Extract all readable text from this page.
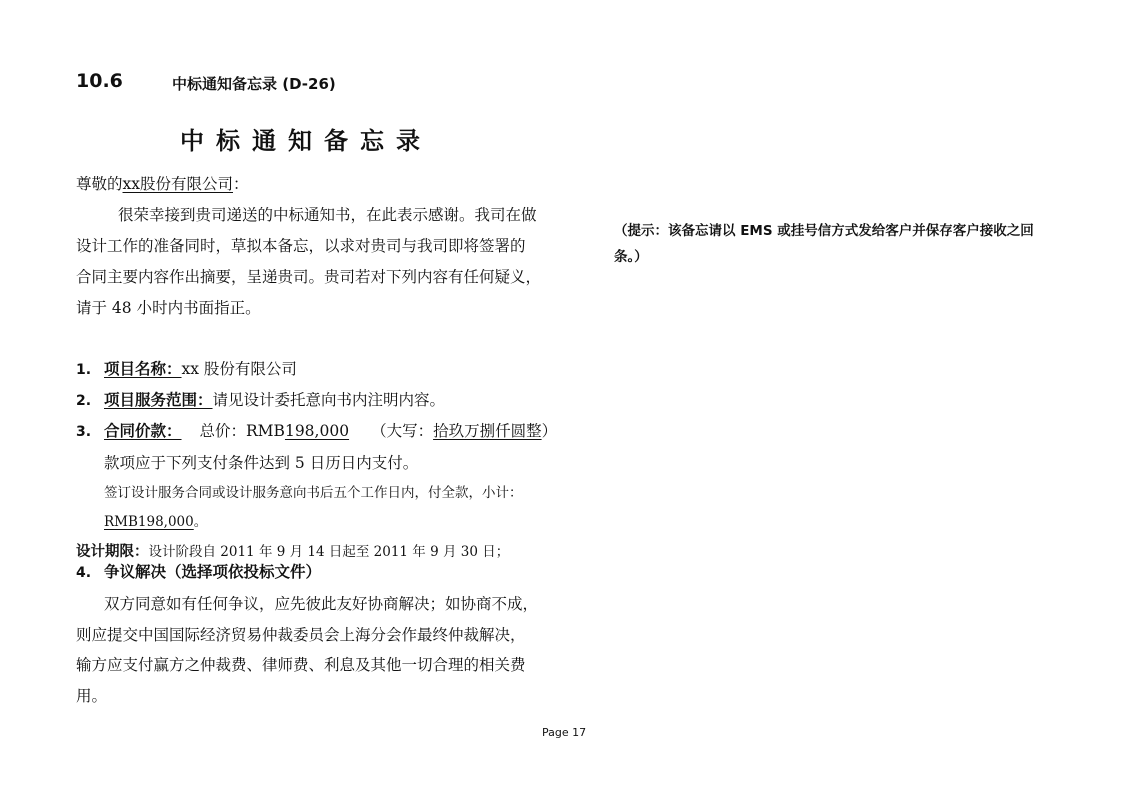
10.6	中标通知备忘录 (D-26)
中标通知备忘录
尊敬的xx股份有限公司：
很荣幸接到贵司递送的中标通知书，在此表示感谢。我司在做
设计工作的准备同时，草拟本备忘，以求对贵司与我司即将签署的
合同主要内容作出摘要，呈递贵司。贵司若对下列内容有任何疑义，
请于 48 小时内书面指正。
1. 项目名称：xx 股份有限公司
2. 项目服务范围：请见设计委托意向书内注明内容。
3. 合同价款： 总价：RMB198,000 （大写：拾玖万捌仟圆整）
款项应于下列支付条件达到 5 日历日内支付。
签订设计服务合同或设计服务意向书后五个工作日内，付全款，小计：
RMB198,000。
设计期限：设计阶段自 2011 年 9 月 14 日起至 2011 年 9 月 30 日；
4. 争议解决（选择项依投标文件）
双方同意如有任何争议，应先彼此友好协商解决；如协商不成，
则应提交中国国际经济贸易仲裁委员会上海分会作最终仲裁解决，
输方应支付赢方之仲裁费、律师费、利息及其他一切合理的相关费
用。
（提示：该备忘请以 EMS 或挂号信方式发给客户并保存客户接收之回
条。）
Page 17
